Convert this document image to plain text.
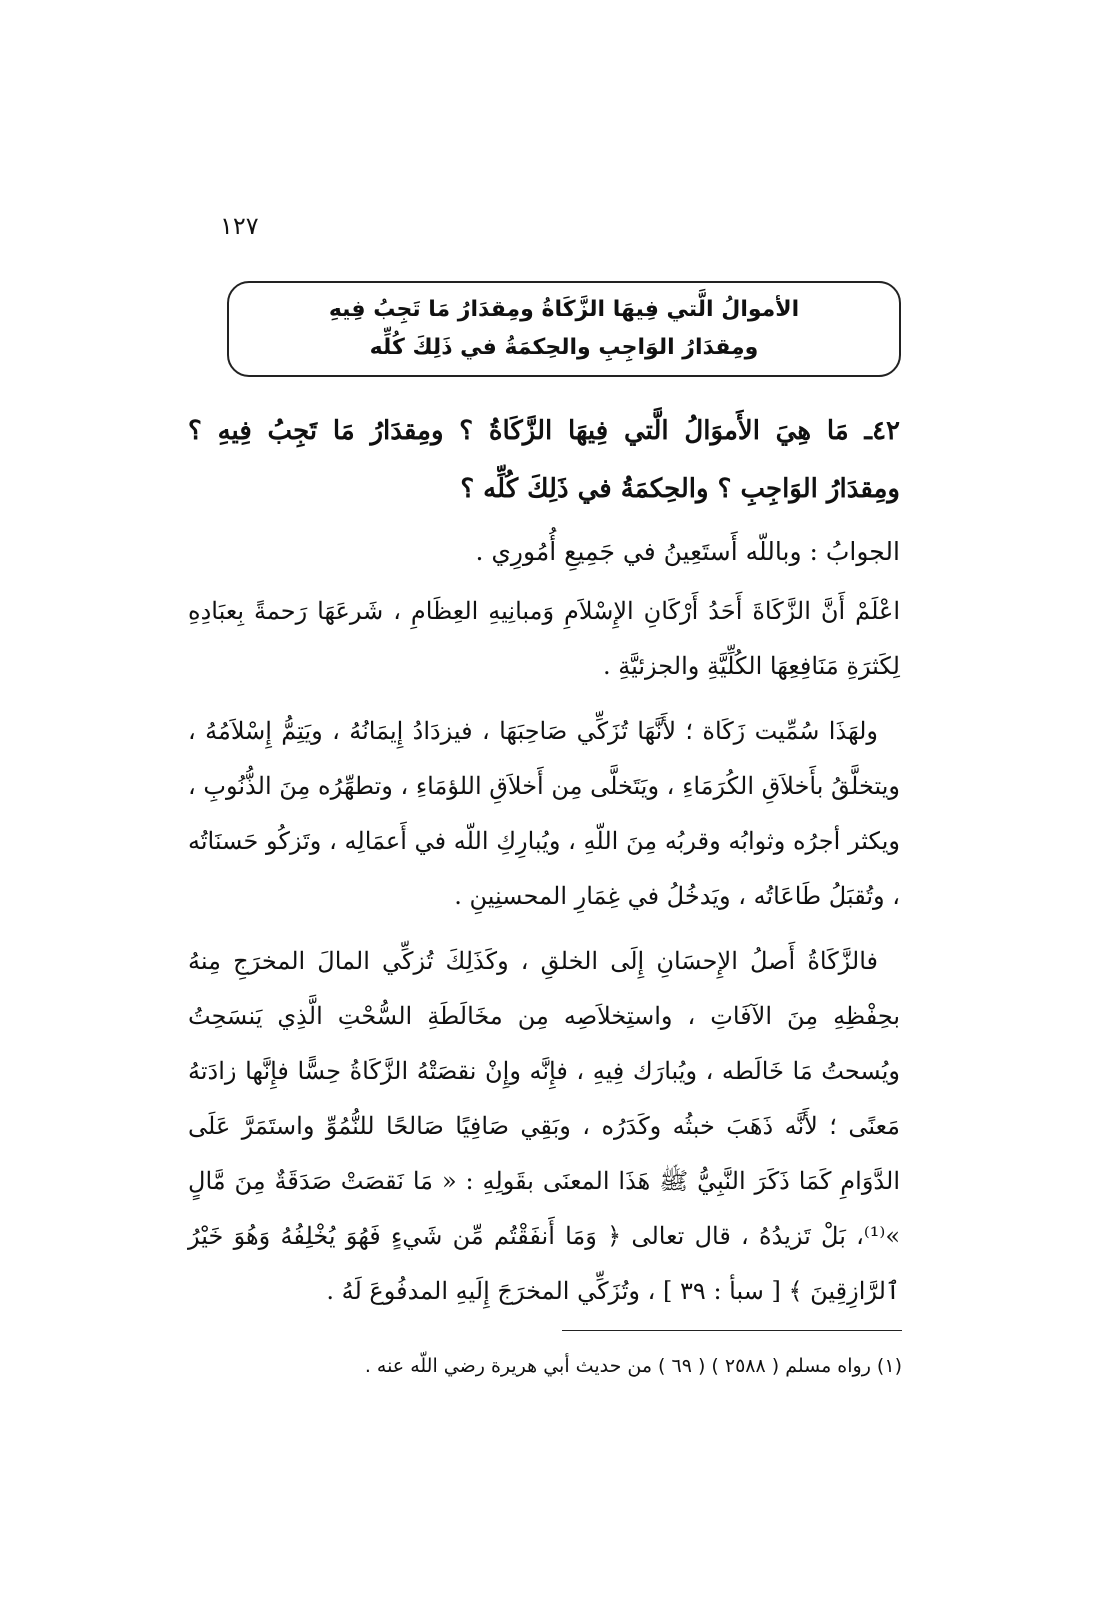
١٢٧
الأموالُ الَّتي فِيهَا الزَّكَاةُ ومِقدَارُ مَا تَجِبُ فِيهِ
ومِقدَارُ الوَاجِبِ والحِكمَةُ في ذَلِكَ كُلِّه

٤٢ـ مَا هِيَ الأَموَالُ الَّتي فِيهَا الزَّكَاةُ ؟ ومِقدَارُ مَا تَجِبُ فِيهِ ؟ ومِقدَارُ الوَاجِبِ ؟ والحِكمَةُ في ذَلِكَ كُلِّه ؟

الجوابُ : وباللّه أَستَعِينُ في جَمِيعِ أُمُورِي .

اعْلَمْ أَنَّ الزَّكَاةَ أَحَدُ أَرْكَانِ الإِسْلاَمِ وَمبانِيهِ العِظَامِ ، شَرعَهَا رَحمةً بِعبَادِهِ لِكَثرَةِ مَنَافِعِهَا الكُلِّيَّةِ والجزئيَّةِ .

ولهَذَا سُمِّيت زَكَاة ؛ لأَنَّهَا تُزَكِّي صَاحِبَهَا ، فيزدَادُ إِيمَانُهُ ، ويَتِمُّ إِسْلاَمُهُ ، ويتخلَّقُ بأَخلاَقِ الكُرَمَاءِ ، ويَتَخلَّى مِن أَخلاَقِ اللؤمَاءِ ، وتطهِّرُه مِنَ الذُّنُوبِ ، ويكثر أجرُه وثوابُه وقربُه مِنَ اللّهِ ، ويُبارِكِ اللّه في أَعمَالِه ، وتَزكُو حَسنَاتُه ، وتُقبَلُ طَاعَاتُه ، ويَدخُلُ في غِمَارِ المحسنِينِ .

فالزَّكَاةُ أَصلُ الإِحسَانِ إِلَى الخلقِ ، وكَذَلِكَ تُزكِّي المالَ المخرَجِ مِنهُ بحِفْظِهِ مِنَ الآفَاتِ ، واستِخلاَصِه مِن مخَالَطَةِ السُّحْتِ الَّذِي يَنسَحِتُ ويُسحتُ مَا خَالَطه ، ويُبارَك فِيهِ ، فإِنَّه وإِنْ نقصَتْهُ الزَّكَاةُ حِسًّا فإِنَّها زادَتهُ مَعنًى ؛ لأَنَّه ذَهَبَ خبثُه وكَدَرُه ، وبَقِي صَافِيًا صَالحًا للنُّمُوِّ واستَمَرَّ عَلَى الدَّوَامِ كَمَا ذَكَرَ النَّبِيُّ ﷺ هَذَا المعنَى بقَولِهِ : « مَا نَقصَتْ صَدَقَةٌ مِنَ مَّالٍ »⁽¹⁾، بَلْ تَزيدُهُ ، قال تعالى ﴿ وَمَا أَنفَقْتُم مِّن شَيءٍ فَهُوَ يُخْلِفُهُ وَهُوَ خَيْرُ ٱلرَّازِقِينَ ﴾ [ سبأ : ٣٩ ] ، وتُزَكِّي المخرَجَ إِلَيهِ المدفُوعَ لَهُ .

(١) رواه مسلم ( ٢٥٨٨ ) ( ٦٩ ) من حديث أبي هريرة رضي اللّه عنه .
